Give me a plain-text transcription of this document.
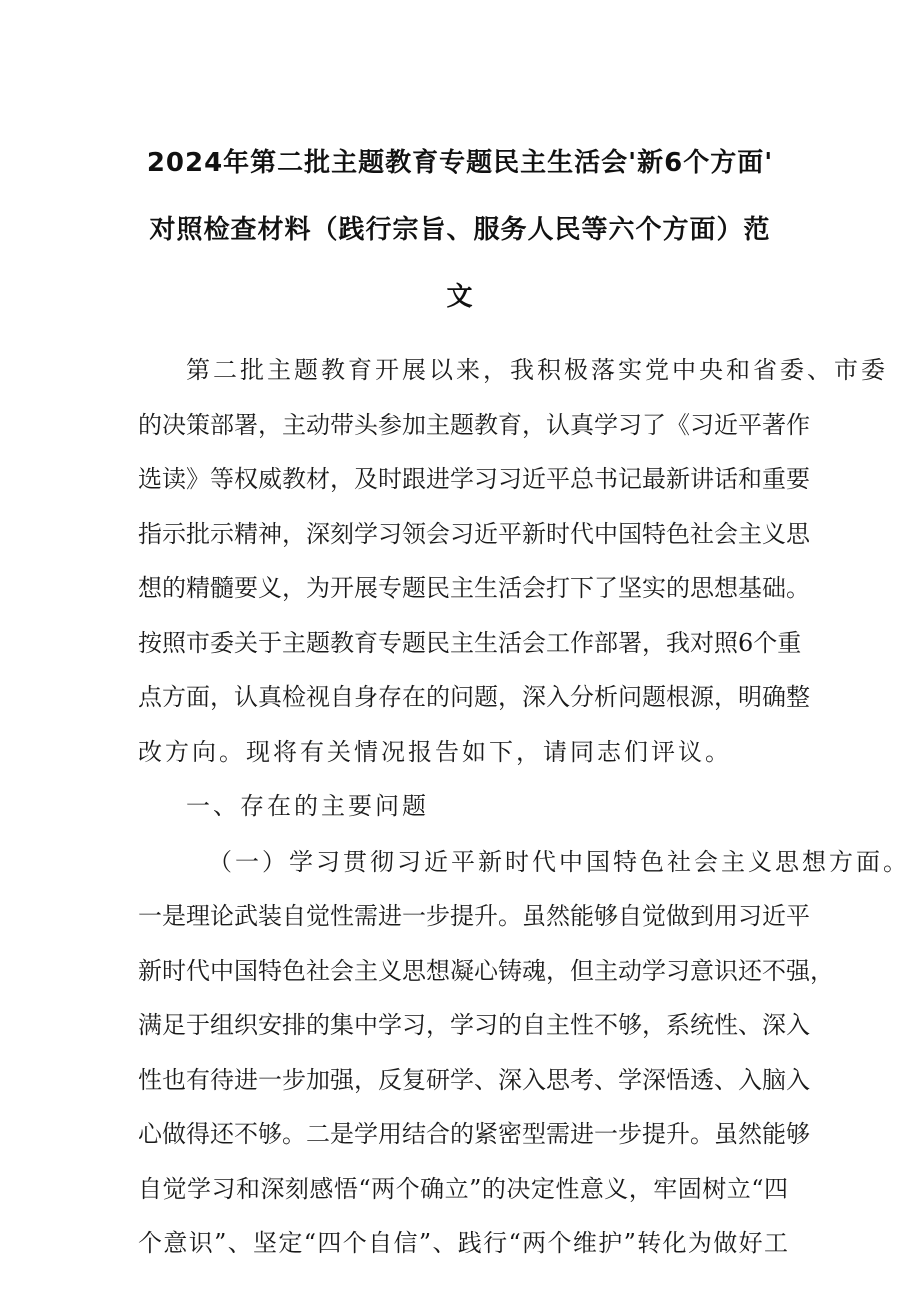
2024年第二批主题教育专题民主生活会'新6个方面'
对照检查材料（践行宗旨、服务人民等六个方面）范
文
第二批主题教育开展以来，我积极落实党中央和省委、市委
的决策部署，主动带头参加主题教育，认真学习了《习近平著作
选读》等权威教材，及时跟进学习习近平总书记最新讲话和重要
指示批示精神，深刻学习领会习近平新时代中国特色社会主义思
想的精髓要义，为开展专题民主生活会打下了坚实的思想基础。
按照市委关于主题教育专题民主生活会工作部署，我对照6个重
点方面，认真检视自身存在的问题，深入分析问题根源，明确整
改方向。现将有关情况报告如下，请同志们评议。
一、存在的主要问题
（一）学习贯彻习近平新时代中国特色社会主义思想方面。
一是理论武装自觉性需进一步提升。虽然能够自觉做到用习近平
新时代中国特色社会主义思想凝心铸魂，但主动学习意识还不强，
满足于组织安排的集中学习，学习的自主性不够，系统性、深入
性也有待进一步加强，反复研学、深入思考、学深悟透、入脑入
心做得还不够。二是学用结合的紧密型需进一步提升。虽然能够
自觉学习和深刻感悟“两个确立”的决定性意义，牢固树立“四
个意识”、坚定“四个自信”、践行“两个维护”转化为做好工
